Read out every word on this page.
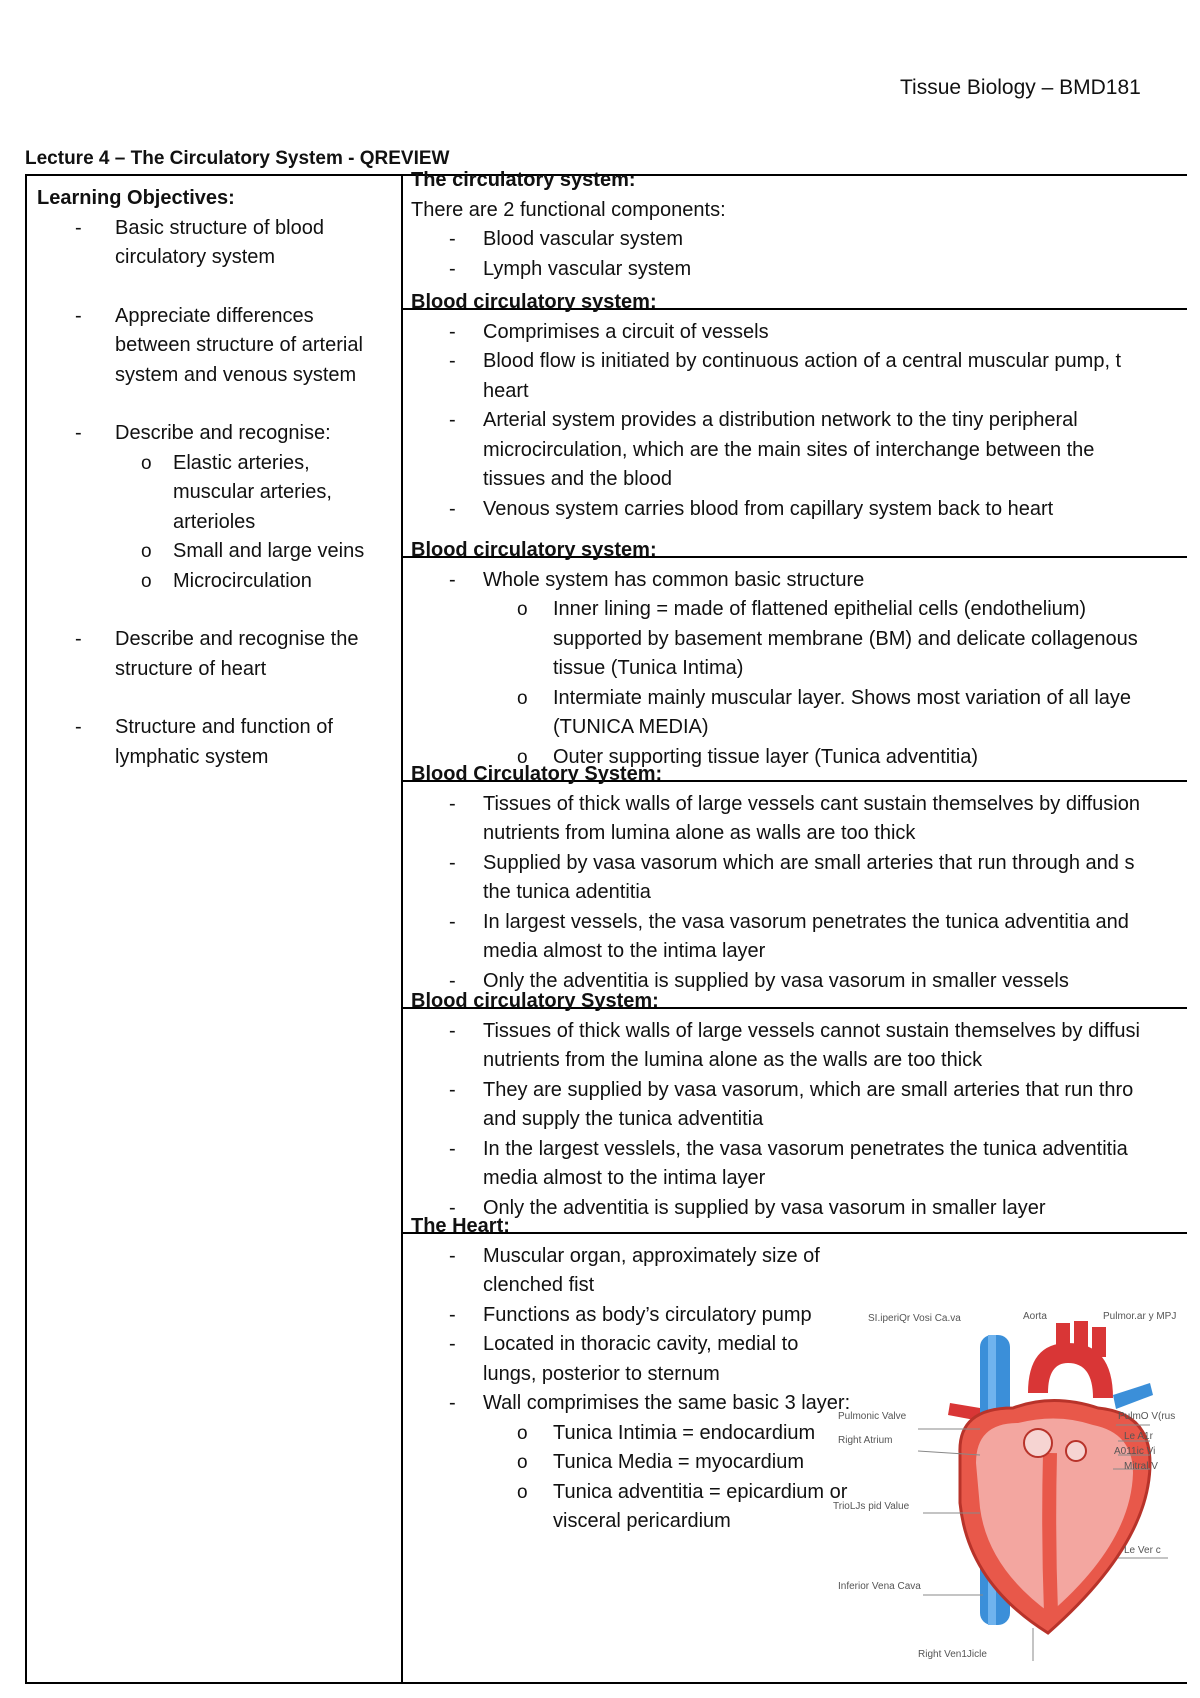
Tissue Biology – BMD181
Lecture 4 – The Circulatory System - QREVIEW
Learning Objectives:
- Basic structure of blood circulatory system
- Appreciate differences between structure of arterial system and venous system
- Describe and recognise:
o Elastic arteries, muscular arteries, arterioles
o Small and large veins
o Microcirculation
- Describe and recognise the structure of heart
- Structure and function of lymphatic system
The circulatory system:
There are 2 functional components:
- Blood vascular system
- Lymph vascular system
Blood circulatory system:
- Comprimises a circuit of vessels
- Blood flow is initiated by continuous action of a central muscular pump, t
heart
- Arterial system provides a distribution network to the tiny peripheral
microcirculation, which are the main sites of interchange between the
tissues and the blood
- Venous system carries blood from capillary system back to heart
Blood circulatory system:
- Whole system has common basic structure
o Inner lining = made of flattened epithelial cells (endothelium)
supported by basement membrane (BM) and delicate collagenous
tissue (Tunica Intima)
o Intermiate mainly muscular layer. Shows most variation of all laye
(TUNICA MEDIA)
o Outer supporting tissue layer (Tunica adventitia)
Blood Circulatory System:
- Tissues of thick walls of large vessels cant sustain themselves by diffusion
nutrients from lumina alone as walls are too thick
- Supplied by vasa vasorum which are small arteries that run through and s
the tunica adentitia
- In largest vessels, the vasa vasorum penetrates the tunica adventitia and
media almost to the intima layer
- Only the adventitia is supplied by vasa vasorum in smaller vessels
Blood circulatory System:
- Tissues of thick walls of large vessels cannot sustain themselves by diffusi
nutrients from the lumina alone as the walls are too thick
- They are supplied by vasa vasorum, which are small arteries that run thro
and supply the tunica adventitia
- In the largest vesslels, the vasa vasorum penetrates the tunica adventitia
media almost to the intima layer
- Only the adventitia is supplied by vasa vasorum in smaller layer
The Heart:
- Muscular organ, approximately size of
clenched fist
- Functions as body’s circulatory pump
- Located in thoracic cavity, medial to
lungs, posterior to sternum
- Wall comprimises the same basic 3 layer:
o Tunica Intimia = endocardium
o Tunica Media = myocardium
o Tunica adventitia = epicardium or
visceral pericardium
SI.iperiQr Vosi Ca.va	Aorta	Pulmor.ar y MPJ
Pulmonic Valve
Right Atrium
TrioLJs pid Value
Inferior Vena Cava
Right Ven1Jicle
PulmO V(rus
Le A1r
A011ic Vi
Mitral V
Le Ver c
